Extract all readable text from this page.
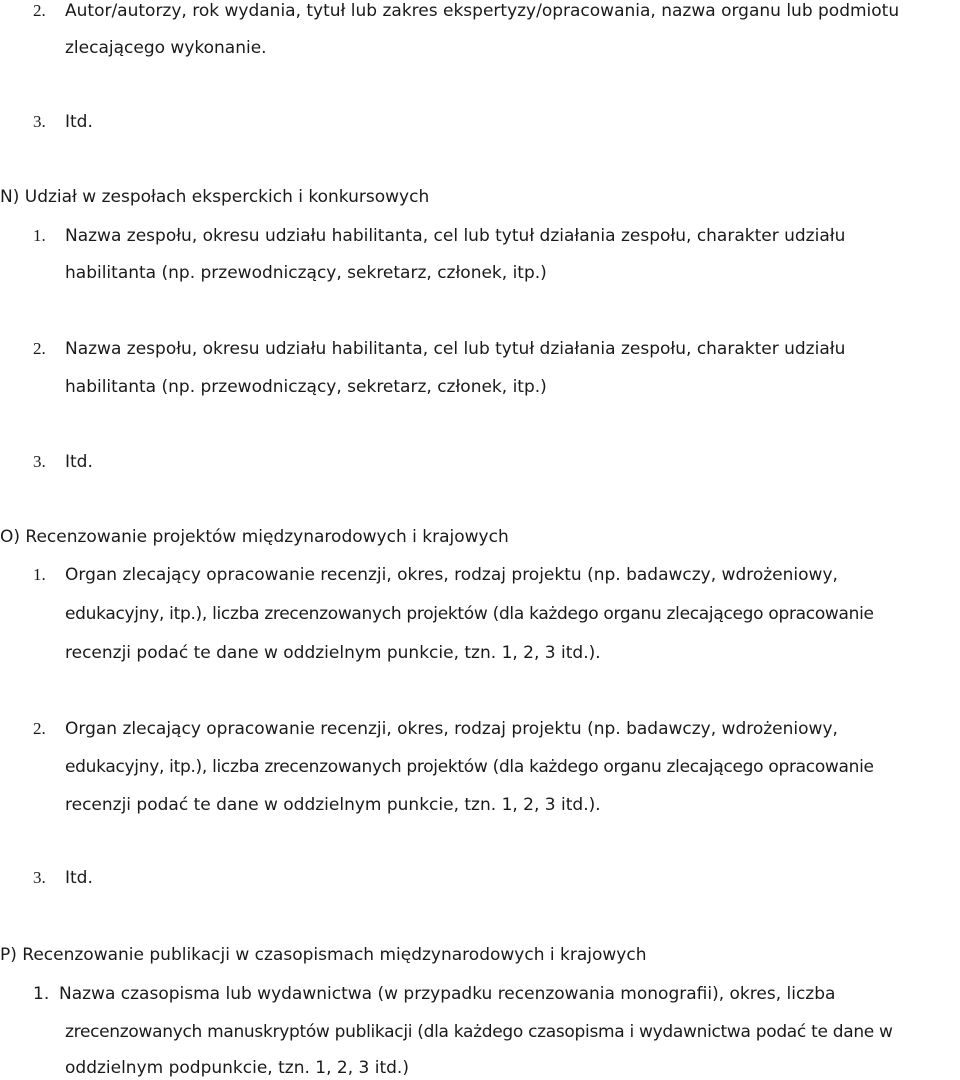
2. Autor/autorzy, rok wydania, tytuł lub zakres ekspertyzy/opracowania, nazwa organu lub podmiotu
zlecającego wykonanie.
3. Itd.
N) Udział w zespołach eksperckich i konkursowych
1. Nazwa zespołu, okresu udziału habilitanta, cel lub tytuł działania zespołu, charakter udziału
habilitanta (np. przewodniczący, sekretarz, członek, itp.)
2. Nazwa zespołu, okresu udziału habilitanta, cel lub tytuł działania zespołu, charakter udziału
habilitanta (np. przewodniczący, sekretarz, członek, itp.)
3. Itd.
O) Recenzowanie projektów międzynarodowych i krajowych
1. Organ zlecający opracowanie recenzji, okres, rodzaj projektu (np. badawczy, wdrożeniowy,
edukacyjny, itp.), liczba zrecenzowanych projektów (dla każdego organu zlecającego opracowanie
recenzji podać te dane w oddzielnym punkcie, tzn. 1, 2, 3 itd.).
2. Organ zlecający opracowanie recenzji, okres, rodzaj projektu (np. badawczy, wdrożeniowy,
edukacyjny, itp.), liczba zrecenzowanych projektów (dla każdego organu zlecającego opracowanie
recenzji podać te dane w oddzielnym punkcie, tzn. 1, 2, 3 itd.).
3. Itd.
P) Recenzowanie publikacji w czasopismach międzynarodowych i krajowych
1. Nazwa czasopisma lub wydawnictwa (w przypadku recenzowania monografii), okres, liczba
zrecenzowanych manuskryptów publikacji (dla każdego czasopisma i wydawnictwa podać te dane w
oddzielnym podpunkcie, tzn. 1, 2, 3 itd.)
